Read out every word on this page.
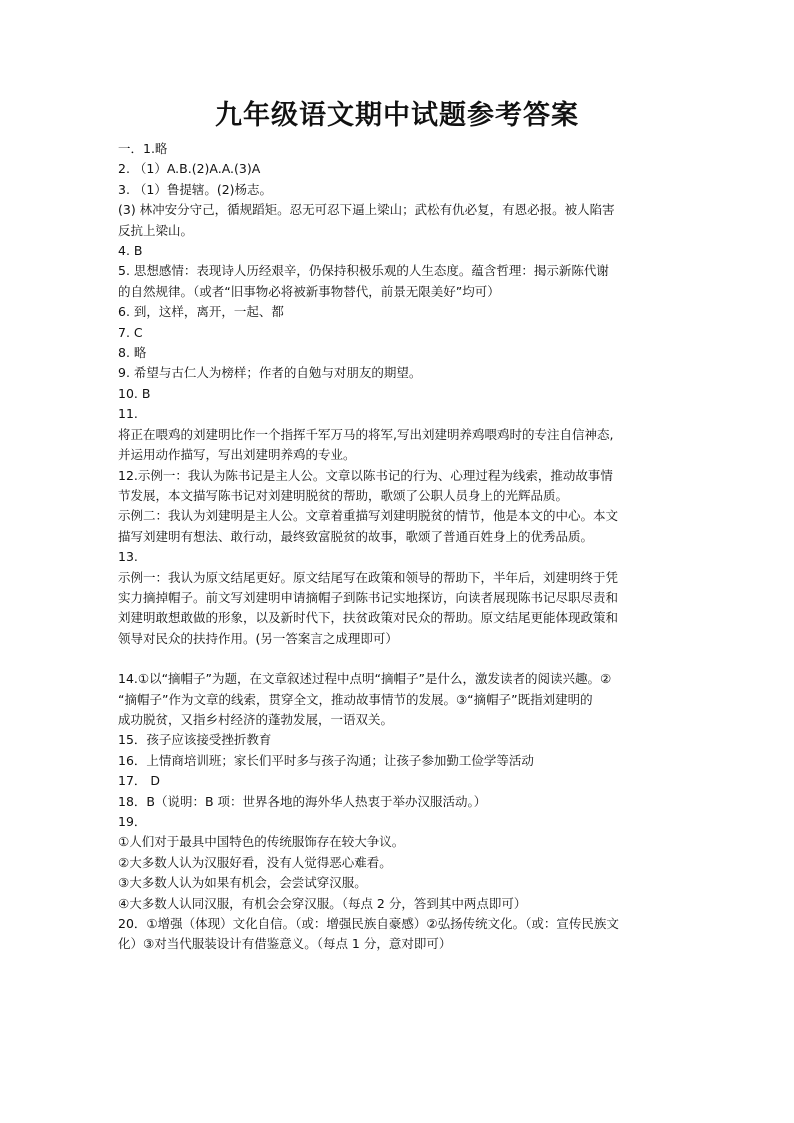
九年级语文期中试题参考答案
一．1.略
2. （1）A.B.(2)A.A.(3)A
3. （1）鲁提辖。(2)杨志。
(3) 林冲安分守己，循规蹈矩。忍无可忍下逼上梁山；武松有仇必复，有恩必报。被人陷害
反抗上梁山。
4. B
5. 思想感情：表现诗人历经艰辛，仍保持积极乐观的人生态度。蕴含哲理：揭示新陈代谢
的自然规律。（或者“旧事物必将被新事物替代，前景无限美好”均可）
6. 到，这样，离开，一起、都
7. C
8. 略
9. 希望与古仁人为榜样；作者的自勉与对朋友的期望。
10. B
11.
将正在喂鸡的刘建明比作一个指挥千军万马的将军,写出刘建明养鸡喂鸡时的专注自信神态,
并运用动作描写，写出刘建明养鸡的专业。
12.示例一：我认为陈书记是主人公。文章以陈书记的行为、心理过程为线索，推动故事情
节发展，本文描写陈书记对刘建明脱贫的帮助，歌颂了公职人员身上的光辉品质。
示例二：我认为刘建明是主人公。文章着重描写刘建明脱贫的情节，他是本文的中心。本文
描写刘建明有想法、敢行动，最终致富脱贫的故事，歌颂了普通百姓身上的优秀品质。
13.
示例一：我认为原文结尾更好。原文结尾写在政策和领导的帮助下，半年后，刘建明终于凭
实力摘掉帽子。前文写刘建明申请摘帽子到陈书记实地探访，向读者展现陈书记尽职尽责和
刘建明敢想敢做的形象，以及新时代下，扶贫政策对民众的帮助。原文结尾更能体现政策和
领导对民众的扶持作用。(另一答案言之成理即可）
14.①以“摘帽子”为题，在文章叙述过程中点明“摘帽子”是什么，激发读者的阅读兴趣。②
“摘帽子”作为文章的线索，贯穿全文，推动故事情节的发展。③“摘帽子”既指刘建明的
成功脱贫，又指乡村经济的蓬勃发展，一语双关。
15．孩子应该接受挫折教育
16．上情商培训班；家长们平时多与孩子沟通；让孩子参加勤工俭学等活动
17． D
18．B（说明：B 项：世界各地的海外华人热衷于举办汉服活动。）
19．
①人们对于最具中国特色的传统服饰存在较大争议。
②大多数人认为汉服好看，没有人觉得恶心难看。
③大多数人认为如果有机会，会尝试穿汉服。
④大多数人认同汉服，有机会会穿汉服。（每点 2 分，答到其中两点即可）
20．①增强（体现）文化自信。（或：增强民族自豪感）②弘扬传统文化。（或：宣传民族文
化）③对当代服装设计有借鉴意义。（每点 1 分，意对即可）
